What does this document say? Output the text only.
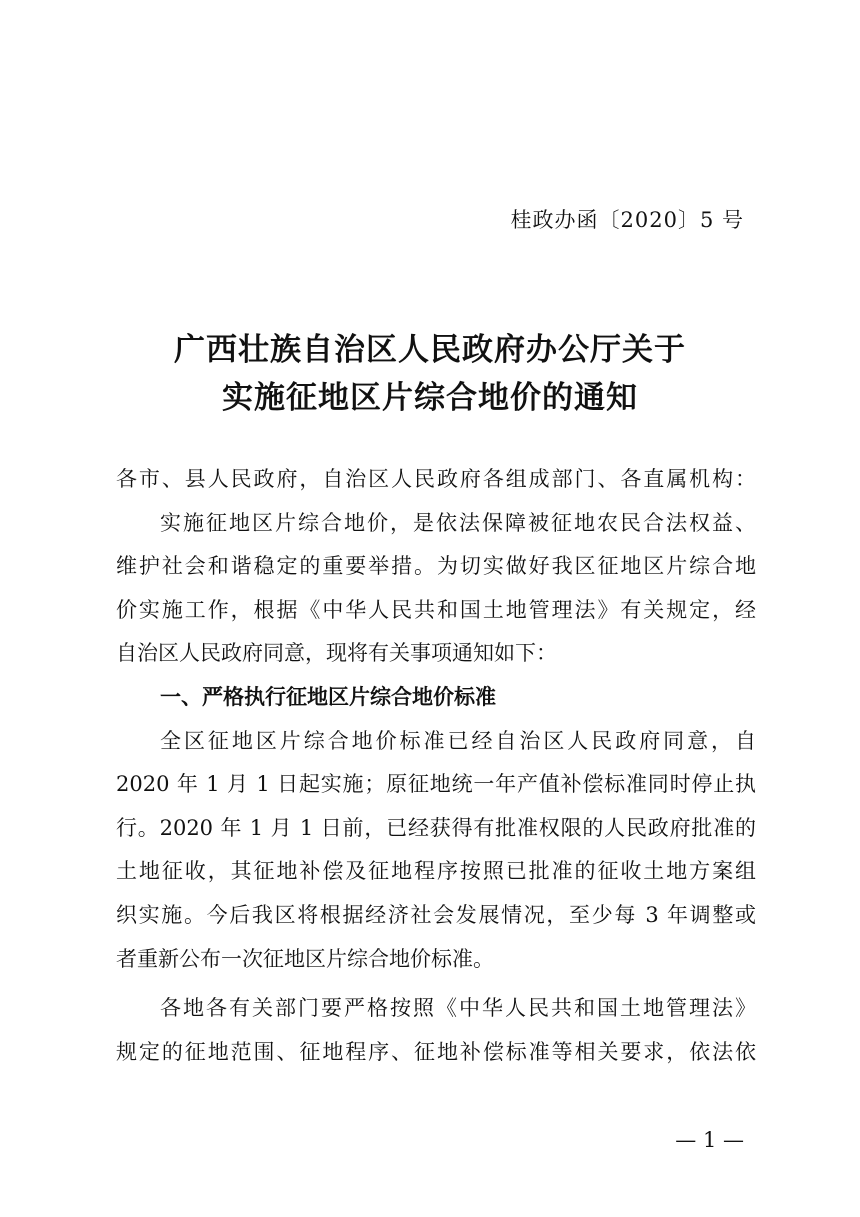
桂政办函〔2020〕5 号
广西壮族自治区人民政府办公厅关于
实施征地区片综合地价的通知
各市、县人民政府，自治区人民政府各组成部门、各直属机构：
实施征地区片综合地价，是依法保障被征地农民合法权益、
维护社会和谐稳定的重要举措。为切实做好我区征地区片综合地
价实施工作，根据《中华人民共和国土地管理法》有关规定，经
自治区人民政府同意，现将有关事项通知如下：
一、严格执行征地区片综合地价标准
全区征地区片综合地价标准已经自治区人民政府同意，自
2020 年 1 月 1 日起实施；原征地统一年产值补偿标准同时停止执
行。2020 年 1 月 1 日前，已经获得有批准权限的人民政府批准的
土地征收，其征地补偿及征地程序按照已批准的征收土地方案组
织实施。今后我区将根据经济社会发展情况，至少每 3 年调整或
者重新公布一次征地区片综合地价标准。
各地各有关部门要严格按照《中华人民共和国土地管理法》
规定的征地范围、征地程序、征地补偿标准等相关要求，依法依
— 1 —
